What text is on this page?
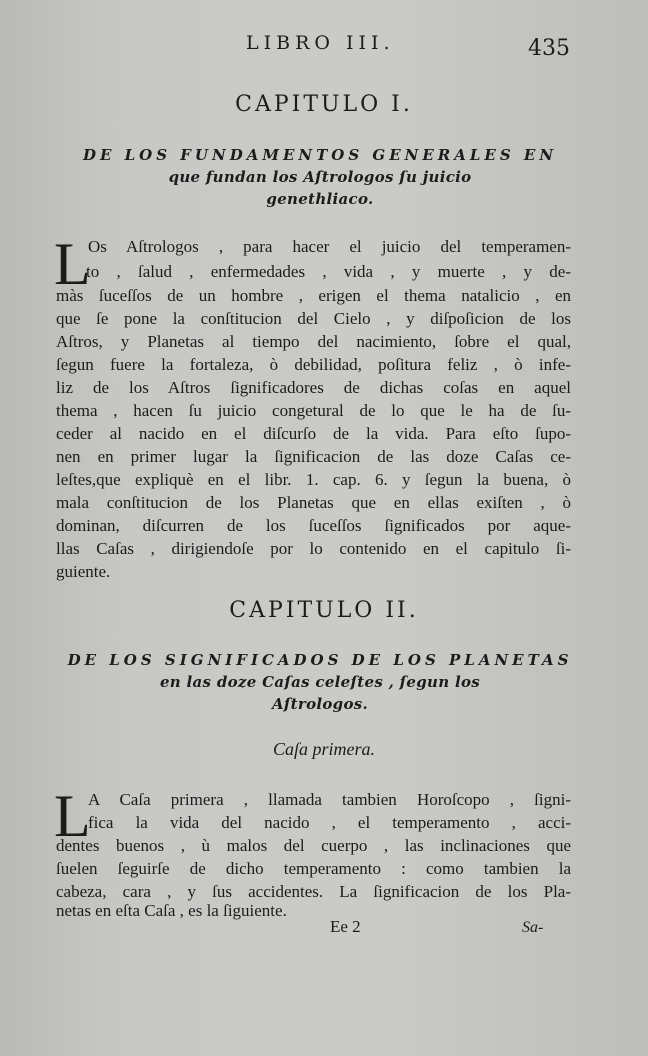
LIBRO III.	435
CAPITULO I.
DE LOS FUNDAMENTOS GENERALES EN
que fundan los Aſtrologos ſu juicio
genethliaco.
L
Os Aſtrologos , para hacer el juicio del temperamen-
to , ſalud , enfermedades , vida , y muerte , y de-
màs ſuceſſos de un hombre , erigen el thema natalicio , en
que ſe pone la conſtitucion del Cielo , y diſpoſicion de los
Aſtros, y Planetas al tiempo del nacimiento, ſobre el qual,
ſegun fuere la fortaleza, ò debilidad, poſitura feliz , ò infe-
liz de los Aſtros ſignificadores de dichas coſas en aquel
thema , hacen ſu juicio congetural de lo que le ha de ſu-
ceder al nacido en el diſcurſo de la vida. Para eſto ſupo-
nen en primer lugar la ſignificacion de las doze Caſas ce-
leſtes,que expliquè en el libr. 1. cap. 6. y ſegun la buena, ò
mala conſtitucion de los Planetas que en ellas exiſten , ò
dominan, diſcurren de los ſuceſſos ſignificados por aque-
llas Caſas , dirigiendoſe por lo contenido en el capitulo ſi-
guiente.
CAPITULO II.
DE LOS SIGNIFICADOS DE LOS PLANETAS
en las doze Caſas celeſtes , ſegun los
Aſtrologos.
Caſa primera.
L
A Caſa primera , llamada tambien Horoſcopo , ſigni-
fica la vida del nacido , el temperamento , acci-
dentes buenos , ù malos del cuerpo , las inclinaciones que
ſuelen ſeguirſe de dicho temperamento : como tambien la
cabeza, cara , y ſus accidentes. La ſignificacion de los Pla-
netas en eſta Caſa , es la ſiguiente.
Ee 2	Sa-
